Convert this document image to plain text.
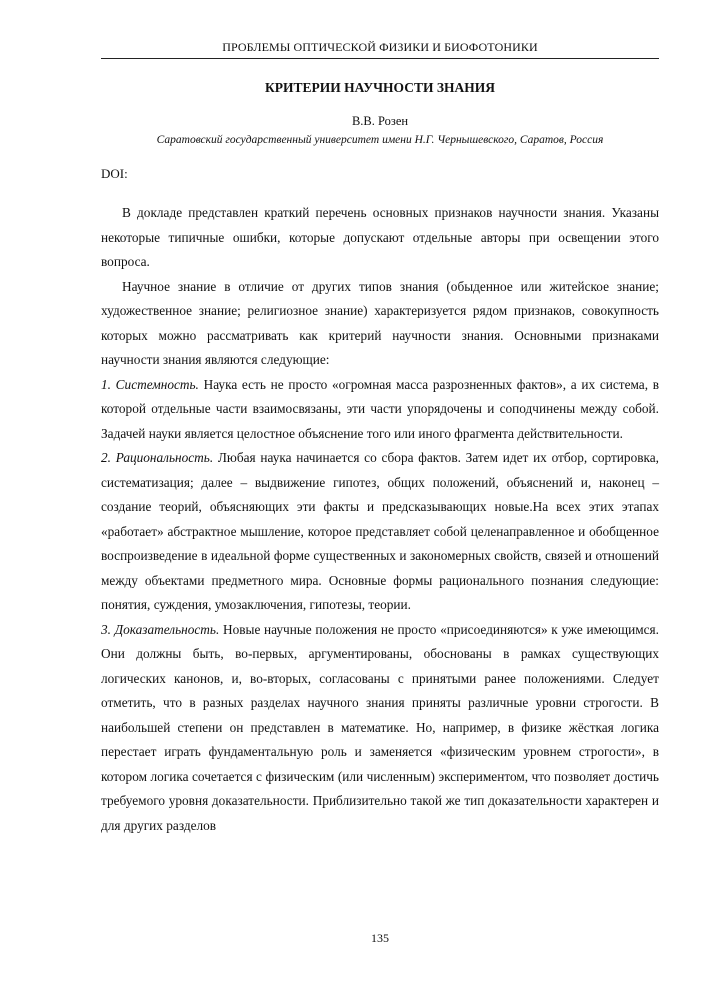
ПРОБЛЕМЫ ОПТИЧЕСКОЙ ФИЗИКИ И БИОФОТОНИКИ
КРИТЕРИИ НАУЧНОСТИ ЗНАНИЯ
В.В. Розен
Саратовский государственный университет имени Н.Г. Чернышевского, Саратов, Россия
DOI:

В докладе представлен краткий перечень основных признаков научности знания. Указаны некоторые типичные ошибки, которые допускают отдельные авторы при освещении этого вопроса.

Научное знание в отличие от других типов знания (обыденное или житейское знание; художественное знание; религиозное знание) характеризуется рядом признаков, совокупность которых можно рассматривать как критерий научности знания. Основными признаками научности знания являются следующие:

1. Системность. Наука есть не просто «огромная масса разрозненных фактов», а их система, в которой отдельные части взаимосвязаны, эти части упорядочены и соподчинены между собой. Задачей науки является целостное объяснение того или иного фрагмента действительности.

2. Рациональность. Любая наука начинается со сбора фактов. Затем идет их отбор, сортировка, систематизация; далее – выдвижение гипотез, общих положений, объяснений и, наконец – создание теорий, объясняющих эти факты и предсказывающих новые.На всех этих этапах «работает» абстрактное мышление, которое представляет собой целенаправленное и обобщенное воспроизведение в идеальной форме существенных и закономерных свойств, связей и отношений между объектами предметного мира. Основные формы рационального познания следующие: понятия, суждения, умозаключения, гипотезы, теории.

3. Доказательность. Новые научные положения не просто «присоединяются» к уже имеющимся. Они должны быть, во-первых, аргументированы, обоснованы в рамках существующих логических канонов, и, во-вторых, согласованы с принятыми ранее положениями. Следует отметить, что в разных разделах научного знания приняты различные уровни строгости. В наибольшей степени он представлен в математике. Но, например, в физике жёсткая логика перестает играть фундаментальную роль и заменяется «физическим уровнем строгости», в котором логика сочетается с физическим (или численным) экспериментом, что позволяет достичь требуемого уровня доказательности. Приблизительно такой же тип доказательности характерен и для других разделов

135
